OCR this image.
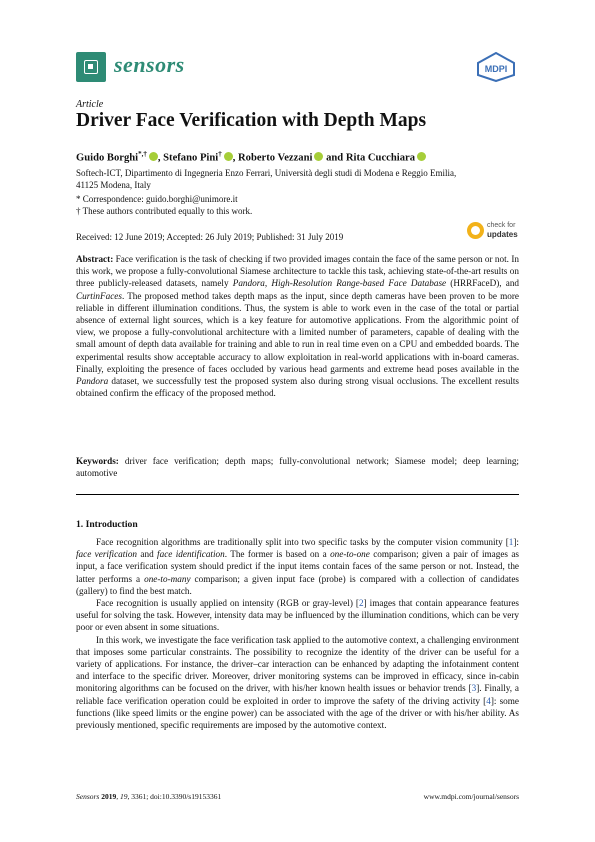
sensors	MDPI
Article
Driver Face Verification with Depth Maps
Guido Borghi*,† , Stefano Pini† , Roberto Vezzani and Rita Cucchiara
Softech-ICT, Dipartimento di Ingegneria Enzo Ferrari, Università degli studi di Modena e Reggio Emilia,
41125 Modena, Italy
* Correspondence: guido.borghi@unimore.it
† These authors contributed equally to this work.
Received: 12 June 2019; Accepted: 26 July 2019; Published: 31 July 2019
check for
updates
Abstract: Face verification is the task of checking if two provided images contain the face of the same person or not. In this work, we propose a fully-convolutional Siamese architecture to tackle this task, achieving state-of-the-art results on three publicly-released datasets, namely Pandora, High-Resolution Range-based Face Database (HRRFaceD), and CurtinFaces. The proposed method takes depth maps as the input, since depth cameras have been proven to be more reliable in different illumination conditions. Thus, the system is able to work even in the case of the total or partial absence of external light sources, which is a key feature for automotive applications. From the algorithmic point of view, we propose a fully-convolutional architecture with a limited number of parameters, capable of dealing with the small amount of depth data available for training and able to run in real time even on a CPU and embedded boards. The experimental results show acceptable accuracy to allow exploitation in real-world applications with in-board cameras. Finally, exploiting the presence of faces occluded by various head garments and extreme head poses available in the Pandora dataset, we successfully test the proposed system also during strong visual occlusions. The excellent results obtained confirm the efficacy of the proposed method.
Keywords: driver face verification; depth maps; fully-convolutional network; Siamese model; deep learning; automotive
1. Introduction

Face recognition algorithms are traditionally split into two specific tasks by the computer vision community [1]: face verification and face identification. The former is based on a one-to-one comparison; given a pair of images as input, a face verification system should predict if the input items contain faces of the same person or not. Instead, the latter performs a one-to-many comparison; a given input face (probe) is compared with a collection of candidates (gallery) to find the best match.

Face recognition is usually applied on intensity (RGB or gray-level) [2] images that contain appearance features useful for solving the task. However, intensity data may be influenced by the illumination conditions, which can be very poor or even absent in some situations.

In this work, we investigate the face verification task applied to the automotive context, a challenging environment that imposes some particular constraints. The possibility to recognize the identity of the driver can be useful for a variety of applications. For instance, the driver–car interaction can be enhanced by adapting the infotainment content and interface to the specific driver. Moreover, driver monitoring systems can be improved in efficacy, since in-cabin monitoring algorithms can be focused on the driver, with his/her known health issues or behavior trends [3]. Finally, a reliable face verification operation could be exploited in order to improve the safety of the driving activity [4]: some functions (like speed limits or the engine power) can be associated with the age of the driver or with his/her ability. As previously mentioned, specific requirements are imposed by the automotive context.

Sensors 2019, 19, 3361; doi:10.3390/s19153361	www.mdpi.com/journal/sensors
